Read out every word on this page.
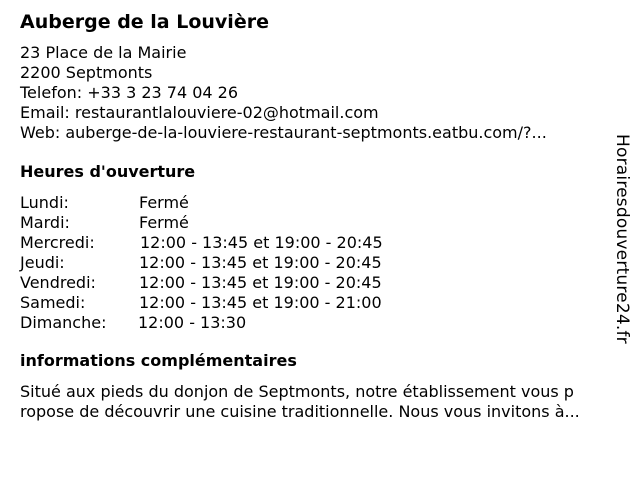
Auberge de la Louvière
23 Place de la Mairie
2200 Septmonts
Telefon: +33 3 23 74 04 26
Email: restaurantlalouviere-02@hotmail.com
Web: auberge-de-la-louviere-restaurant-septmonts.eatbu.com/?...
Heures d'ouverture
Lundi:	Fermé
Mardi:	Fermé
Mercredi:	12:00 - 13:45 et 19:00 - 20:45
Jeudi:	12:00 - 13:45 et 19:00 - 20:45
Vendredi:	12:00 - 13:45 et 19:00 - 20:45
Samedi:	12:00 - 13:45 et 19:00 - 21:00
Dimanche:	12:00 - 13:30
informations complémentaires
Situé aux pieds du donjon de Septmonts, notre établissement vous p
ropose de découvrir une cuisine traditionnelle. Nous vous invitons à...
Horairesdouverture24.fr
